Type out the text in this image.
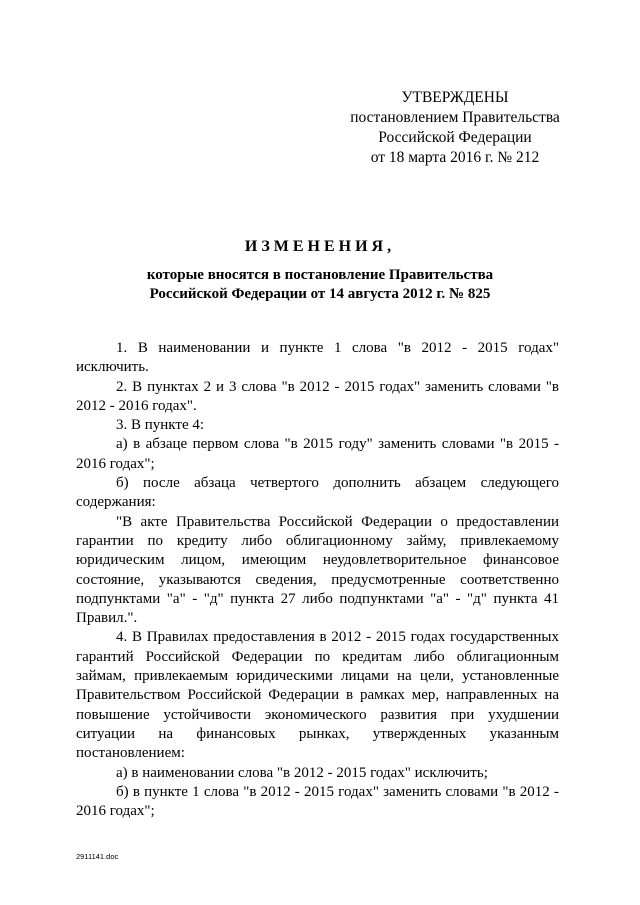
УТВЕРЖДЕНЫ
постановлением Правительства
Российской Федерации
от 18 марта 2016 г. № 212
ИЗМЕНЕНИЯ,
которые вносятся в постановление Правительства
Российской Федерации от 14 августа 2012 г. № 825

1. В наименовании и пункте 1 слова "в 2012 - 2015 годах" исключить.

2. В пунктах 2 и 3 слова "в 2012 - 2015 годах" заменить словами "в 2012 - 2016 годах".

3. В пункте 4:

а) в абзаце первом слова "в 2015 году" заменить словами "в 2015 - 2016 годах";

б) после абзаца четвертого дополнить абзацем следующего содержания:

"В акте Правительства Российской Федерации о предоставлении гарантии по кредиту либо облигационному займу, привлекаемому юридическим лицом, имеющим неудовлетворительное финансовое состояние, указываются сведения, предусмотренные соответственно подпунктами "а" - "д" пункта 27 либо подпунктами "а" - "д" пункта 41 Правил.".

4. В Правилах предоставления в 2012 - 2015 годах государственных гарантий Российской Федерации по кредитам либо облигационным займам, привлекаемым юридическими лицами на цели, установленные Правительством Российской Федерации в рамках мер, направленных на повышение устойчивости экономического развития при ухудшении ситуации на финансовых рынках, утвержденных указанным постановлением:

а) в наименовании слова "в 2012 - 2015 годах" исключить;

б) в пункте 1 слова "в 2012 - 2015 годах" заменить словами "в 2012 - 2016 годах";

2911141.doc
